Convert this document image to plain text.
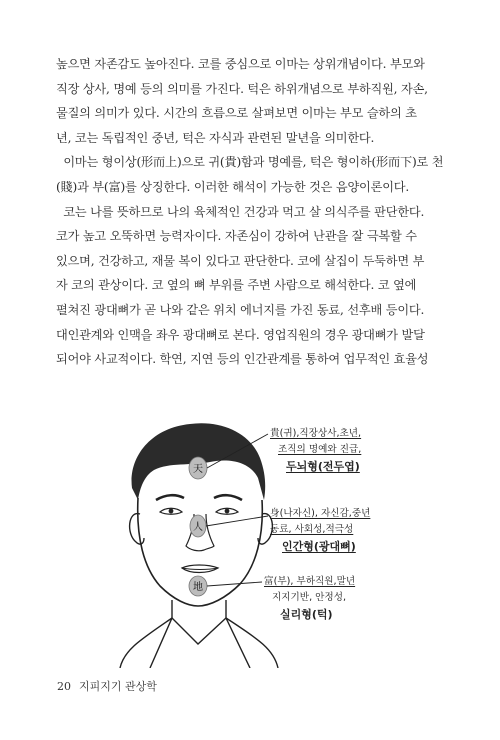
높으면 자존감도 높아진다. 코를 중심으로 이마는 상위개념이다. 부모와

직장 상사, 명예 등의 의미를 가진다. 턱은 하위개념으로 부하직원, 자손,

물질의 의미가 있다. 시간의 흐름으로 살펴보면 이마는 부모 슬하의 초

년, 코는 독립적인 중년, 턱은 자식과 관련된 말년을 의미한다.

이마는 형이상(形而上)으로 귀(貴)함과 명예를, 턱은 형이하(形而下)로 천

(賤)과 부(富)를 상징한다. 이러한 해석이 가능한 것은 음양이론이다.

코는 나를 뜻하므로 나의 육체적인 건강과 먹고 살 의식주를 판단한다.

코가 높고 오뚝하면 능력자이다. 자존심이 강하여 난관을 잘 극복할 수

있으며, 건강하고, 재물 복이 있다고 판단한다. 코에 살집이 두둑하면 부

자 코의 관상이다. 코 옆의 뼈 부위를 주변 사람으로 해석한다. 코 옆에

펼쳐진 광대뼈가 곧 나와 같은 위치 에너지를 가진 동료, 선후배 등이다.

대인관계와 인맥을 좌우 광대뼈로 본다. 영업직원의 경우 광대뼈가 발달

되어야 사교적이다. 학연, 지연 등의 인간관계를 통하여 업무적인 효율성

天
人
地
貴(귀),직장상사,초년,
조직의 명예와 진급,
두뇌형(전두엽)
身(나자신), 자신감,중년
동료, 사회성,적극성
인간형(광대뼈)
富(부), 부하직원,말년
지지기반, 안정성,
실리형(턱)
20 지피지기 관상학
